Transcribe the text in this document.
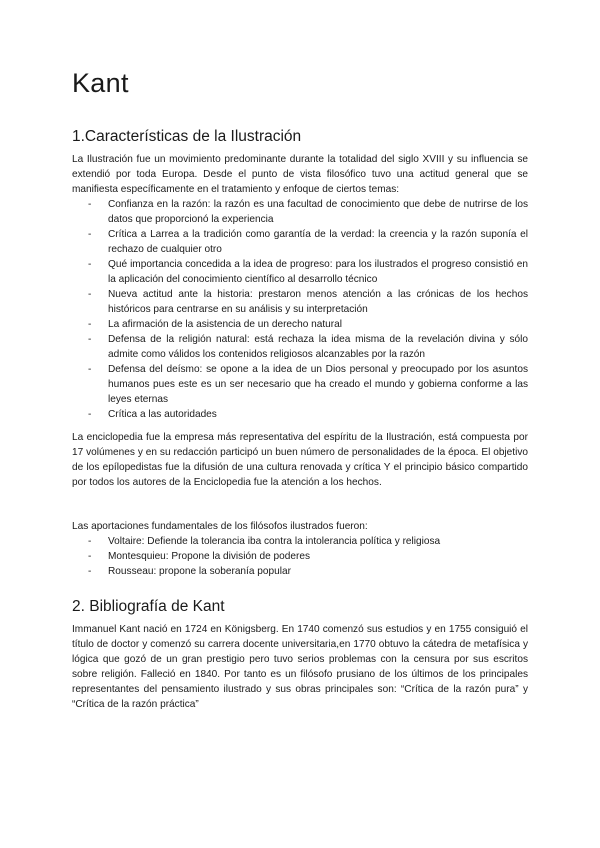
Kant
1.Características de la Ilustración

La Ilustración fue un movimiento predominante durante la totalidad del siglo XVIII y su influencia se extendió por toda Europa. Desde el punto de vista filosófico tuvo una actitud general que se manifiesta específicamente en el tratamiento y enfoque de ciertos temas:

- Confianza en la razón: la razón es una facultad de conocimiento que debe de nutrirse de los datos que proporcionó la experiencia
- Crítica a Larrea a la tradición como garantía de la verdad: la creencia y la razón suponía el rechazo de cualquier otro
- Qué importancia concedida a la idea de progreso: para los ilustrados el progreso consistió en la aplicación del conocimiento científico al desarrollo técnico
- Nueva actitud ante la historia: prestaron menos atención a las crónicas de los hechos históricos para centrarse en su análisis y su interpretación
- La afirmación de la asistencia de un derecho natural
- Defensa de la religión natural: está rechaza la idea misma de la revelación divina y sólo admite como válidos los contenidos religiosos alcanzables por la razón
- Defensa del deísmo: se opone a la idea de un Dios personal y preocupado por los asuntos humanos pues este es un ser necesario que ha creado el mundo y gobierna conforme a las leyes eternas
- Crítica a las autoridades

La enciclopedia fue la empresa más representativa del espíritu de la Ilustración, está compuesta por 17 volúmenes y en su redacción participó un buen número de personalidades de la época. El objetivo de los epílopedistas fue la difusión de una cultura renovada y crítica Y el principio básico compartido por todos los autores de la Enciclopedia fue la atención a los hechos.

Las aportaciones fundamentales de los filósofos ilustrados fueron:

- Voltaire: Defiende la tolerancia iba contra la intolerancia política y religiosa
- Montesquieu: Propone la división de poderes
- Rousseau: propone la soberanía popular
2. Bibliografía de Kant

Immanuel Kant nació en 1724 en Königsberg. En 1740 comenzó sus estudios y en 1755 consiguió el título de doctor y comenzó su carrera docente universitaria,en 1770 obtuvo la cátedra de metafísica y lógica que gozó de un gran prestigio pero tuvo serios problemas con la censura por sus escritos sobre religión. Falleció en 1840. Por tanto es un filósofo prusiano de los últimos de los principales representantes del pensamiento ilustrado y sus obras principales son: “Crítica de la razón pura” y “Crítica de la razón práctica”
